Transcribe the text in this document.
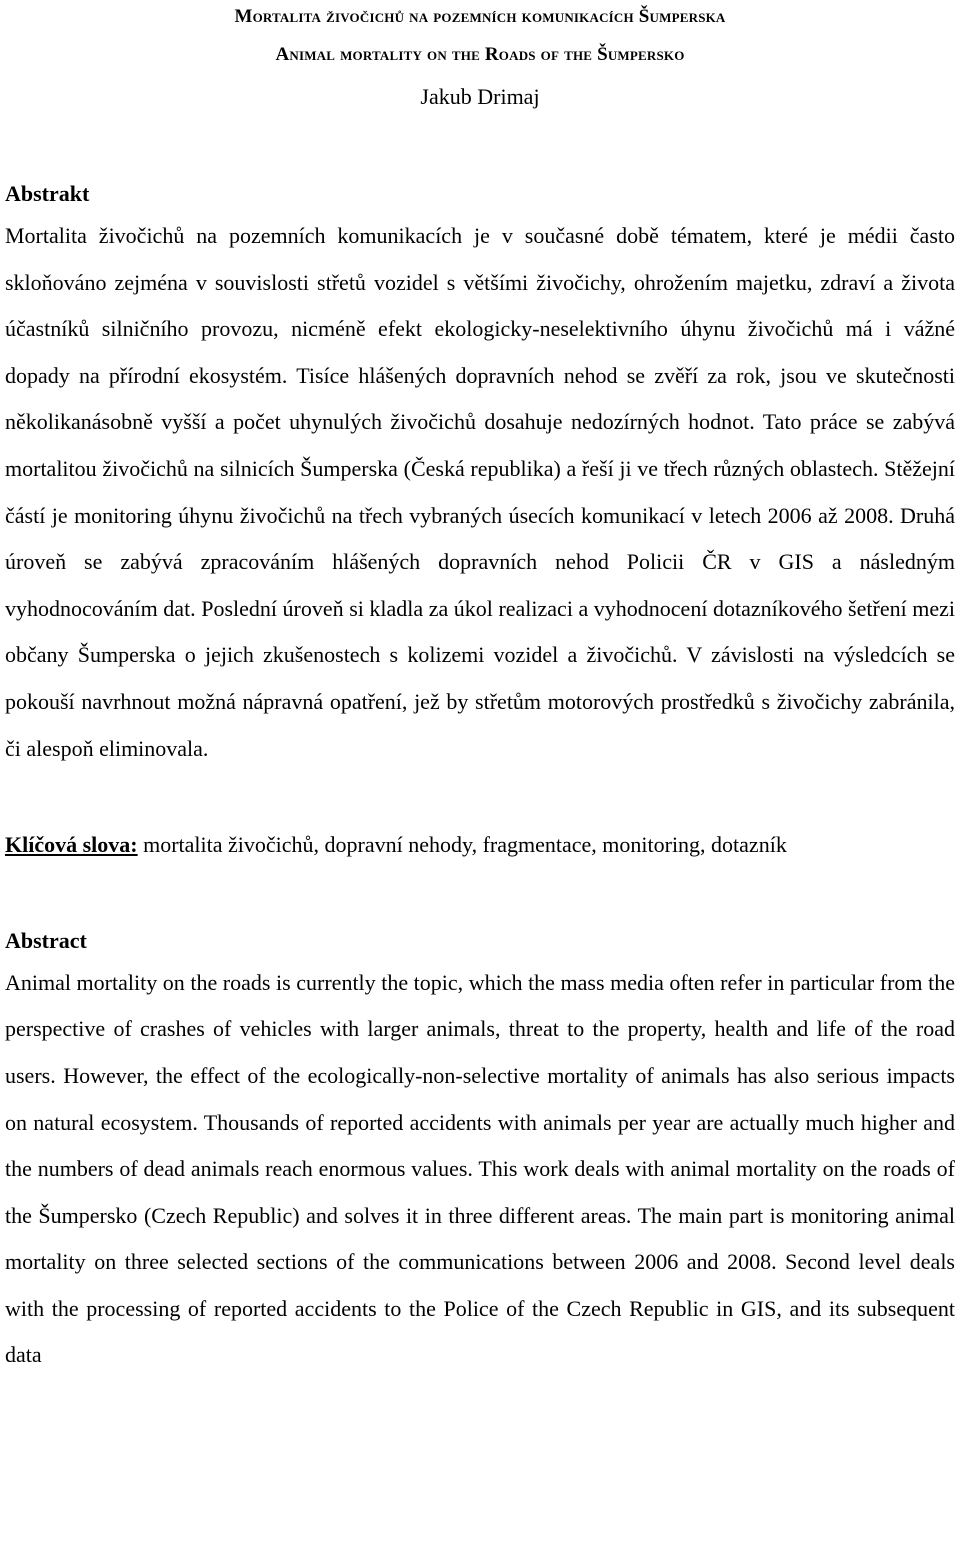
Mortalita živočichů na pozemních komunikacích Šumperska

Animal mortality on the Roads of the Šumpersko

Jakub Drimaj
Abstrakt

Mortalita živočichů na pozemních komunikacích je v současné době tématem, které je médii často skloňováno zejména v souvislosti střetů vozidel s většími živočichy, ohrožením majetku, zdraví a života účastníků silničního provozu, nicméně efekt ekologicky-neselektivního úhynu živočichů má i vážné dopady na přírodní ekosystém. Tisíce hlášených dopravních nehod se zvěří za rok, jsou ve skutečnosti několikanásobně vyšší a počet uhynulých živočichů dosahuje nedozírných hodnot. Tato práce se zabývá mortalitou živočichů na silnicích Šumperska (Česká republika) a řeší ji ve třech různých oblastech. Stěžejní částí je monitoring úhynu živočichů na třech vybraných úsecích komunikací v letech 2006 až 2008. Druhá úroveň se zabývá zpracováním hlášených dopravních nehod Policii ČR v GIS a následným vyhodnocováním dat. Poslední úroveň si kladla za úkol realizaci a vyhodnocení dotazníkového šetření mezi občany Šumperska o jejich zkušenostech s kolizemi vozidel a živočichů. V závislosti na výsledcích se pokouší navrhnout možná nápravná opatření, jež by střetům motorových prostředků s živočichy zabránila, či alespoň eliminovala.

Klíčová slova: mortalita živočichů, dopravní nehody, fragmentace, monitoring, dotazník

Abstract

Animal mortality on the roads is currently the topic, which the mass media often refer in particular from the perspective of crashes of vehicles with larger animals, threat to the property, health and life of the road users. However, the effect of the ecologically-non-selective mortality of animals has also serious impacts on natural ecosystem. Thousands of reported accidents with animals per year are actually much higher and the numbers of dead animals reach enormous values. This work deals with animal mortality on the roads of the Šumpersko (Czech Republic) and solves it in three different areas. The main part is monitoring animal mortality on three selected sections of the communications between 2006 and 2008. Second level deals with the processing of reported accidents to the Police of the Czech Republic in GIS, and its subsequent data
